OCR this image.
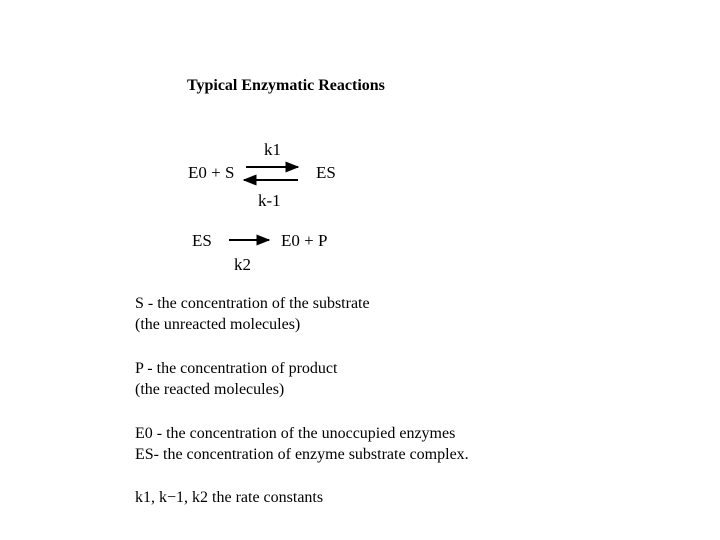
Typical Enzymatic Reactions
E0 + S
k1
ES
k-1
ES	E0 + P
k2
S - the concentration of the substrate
(the unreacted molecules)
P - the concentration of product
(the reacted molecules)
E0 - the concentration of the unoccupied enzymes
ES- the concentration of enzyme substrate complex.
k1, k−1, k2 the rate constants
